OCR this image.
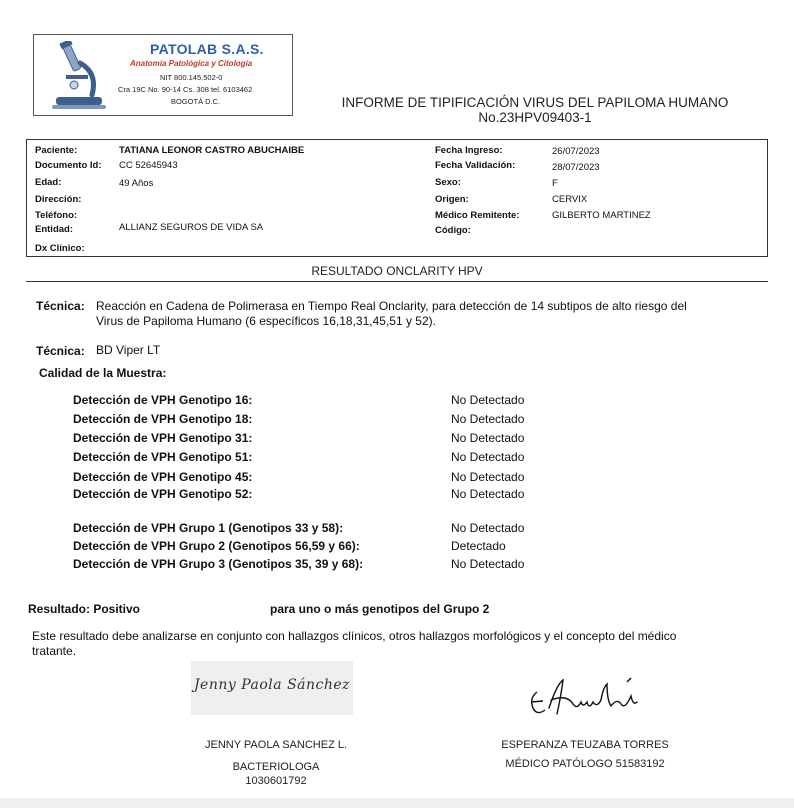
PATOLAB S.A.S.
Anatomía Patológica y Citología
NIT 800.145.502-0
Cra 19C No. 90-14 Cs. 308 tel. 6103462
BOGOTÁ D.C.	INFORME DE TIPIFICACIÓN VIRUS DEL PAPILOMA HUMANO
No.23HPV09403-1
Paciente:	TATIANA LEONOR CASTRO ABUCHAIBE
Documento Id: CC 52645943
Edad:	49 Años
Dirección:
Teléfono:
Entidad:	ALLIANZ SEGUROS DE VIDA SA
Dx Clínico:
Fecha Ingreso:	26/07/2023
Fecha Validación:	28/07/2023
Sexo:	F
Origen:	CERVIX
Médico Remitente:	GILBERTO MARTINEZ
Código:
RESULTADO ONCLARITY HPV
Técnica: Reacción en Cadena de Polimerasa en Tiempo Real Onclarity, para detección de 14 subtipos de alto riesgo del
Virus de Papiloma Humano (6 específicos 16,18,31,45,51 y 52).
Técnica: BD Viper LT
Calidad de la Muestra:
Detección de VPH Genotipo 16:	No Detectado
Detección de VPH Genotipo 18:	No Detectado
Detección de VPH Genotipo 31:	No Detectado
Detección de VPH Genotipo 51:	No Detectado
Detección de VPH Genotipo 45:	No Detectado
Detección de VPH Genotipo 52:	No Detectado
Detección de VPH Grupo 1 (Genotipos 33 y 58):	No Detectado
Detección de VPH Grupo 2 (Genotipos 56,59 y 66):	Detectado
Detección de VPH Grupo 3 (Genotipos 35, 39 y 68):	No Detectado
Resultado: Positivo	para uno o más genotipos del Grupo 2
Este resultado debe analizarse en conjunto con hallazgos clínicos, otros hallazgos morfológicos y el concepto del médico
tratante.
Jenny Paola Sánchez
JENNY PAOLA SANCHEZ L.
BACTERIOLOGA
1030601792
ESPERANZA TEUZABA TORRES
MÉDICO PATÓLOGO 51583192
